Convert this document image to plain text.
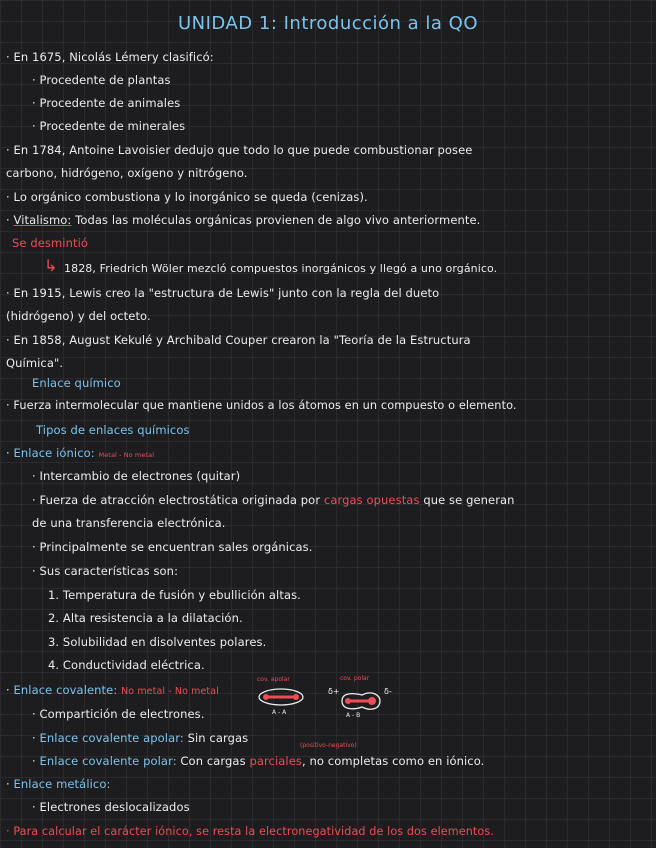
UNIDAD 1: Introducción a la QO
· En 1675, Nicolás Lémery clasificó:
· Procedente de plantas
· Procedente de animales
· Procedente de minerales
· En 1784, Antoine Lavoisier dedujo que todo lo que puede combustionar posee
carbono, hidrógeno, oxígeno y nitrógeno.
· Lo orgánico combustiona y lo inorgánico se queda (cenizas).
· Vitalismo: Todas las moléculas orgánicas provienen de algo vivo anteriormente.
Se desmintió
↳ 1828, Friedrich Wöler mezcló compuestos inorgánicos y llegó a uno orgánico.
· En 1915, Lewis creo la "estructura de Lewis" junto con la regla del dueto
(hidrógeno) y del octeto.
· En 1858, August Kekulé y Archibald Couper crearon la "Teoría de la Estructura
Química".
Enlace químico
· Fuerza intermolecular que mantiene unidos a los átomos en un compuesto o elemento.
Tipos de enlaces químicos
· Enlace iónico: Metal - No metal
· Intercambio de electrones (quitar)
· Fuerza de atracción electrostática originada por cargas opuestas que se generan
de una transferencia electrónica.
· Principalmente se encuentran sales orgánicas.
· Sus características son:
1. Temperatura de fusión y ebullición altas.
2. Alta resistencia a la dilatación.
3. Solubilidad en disolventes polares.
4. Conductividad eléctrica.
· Enlace covalente: No metal - No metal
· Compartición de electrones.
· Enlace covalente apolar: Sin cargas
(positivo-negativo)
· Enlace covalente polar: Con cargas parciales, no completas como en iónico.
· Enlace metálico:
· Electrones deslocalizados
· Para calcular el carácter iónico, se resta la electronegatividad de los dos elementos.
cov. apolar
A - A
cov. polar
δ+	δ-
A - B
